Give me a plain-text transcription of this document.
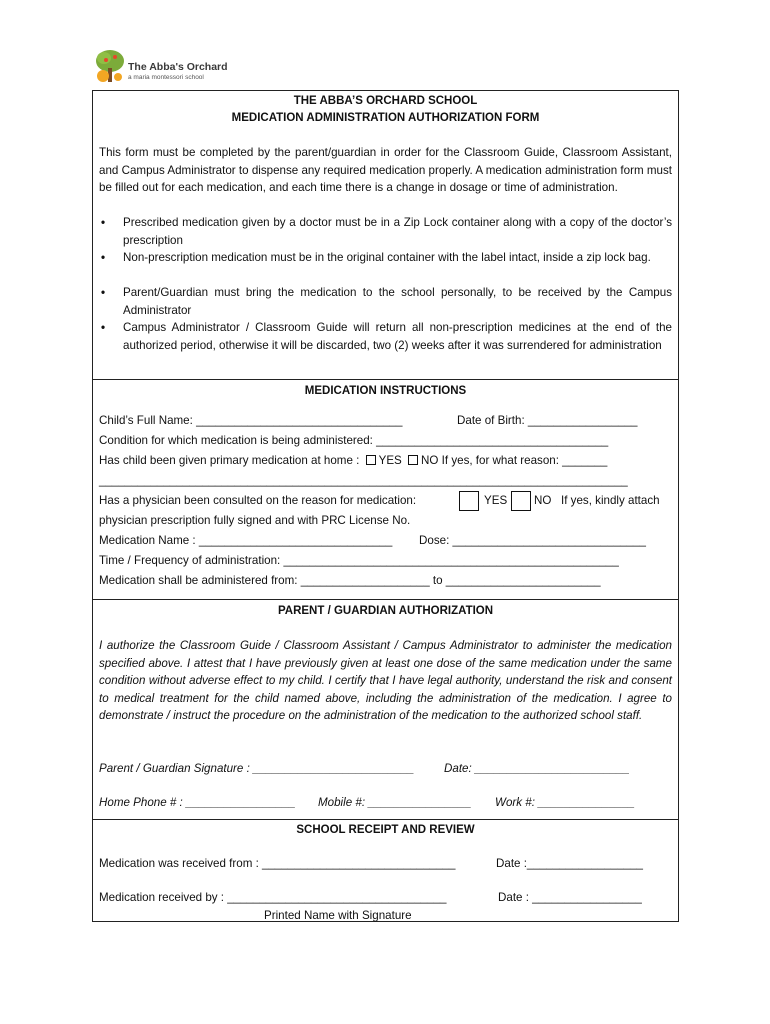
The Abba's Orchard
a maria montessori school
THE ABBA’S ORCHARD SCHOOL
MEDICATION ADMINISTRATION AUTHORIZATION FORM
This form must be completed by the parent/guardian in order for the Classroom Guide, Classroom Assistant, and Campus Administrator to dispense any required medication properly. A medication administration form must be filled out for each medication, and each time there is a change in dosage or time of administration.
• Prescribed medication given by a doctor must be in a Zip Lock container along with a copy of the doctor’s prescription
• Non-prescription medication must be in the original container with the label intact, inside a zip lock bag.
• Parent/Guardian must bring the medication to the school personally, to be received by the Campus Administrator
• Campus Administrator / Classroom Guide will return all non-prescription medicines at the end of the authorized period, otherwise it will be discarded, two (2) weeks after it was surrendered for administration
MEDICATION INSTRUCTIONS
Child’s Full Name: ________________________________	Date of Birth: _________________
Condition for which medication is being administered: ____________________________________
Has child been given primary medication at home : YES NO If yes, for what reason: _______
__________________________________________________________________________________
Has a physician been consulted on the reason for medication:	YES NO If yes, kindly attach
physician prescription fully signed and with PRC License No.
Medication Name : ______________________________ Dose: ______________________________
Time / Frequency of administration: ____________________________________________________
Medication shall be administered from: ____________________ to ________________________
PARENT / GUARDIAN AUTHORIZATION
I authorize the Classroom Guide / Classroom Assistant / Campus Administrator to administer the medication specified above. I attest that I have previously given at least one dose of the same medication under the same condition without adverse effect to my child. I certify that I have legal authority, understand the risk and consent to medical treatment for the child named above, including the administration of the medication. I agree to demonstrate / instruct the procedure on the administration of the medication to the authorized school staff.
Parent / Guardian Signature : _________________________	Date: ________________________
Home Phone # : _________________ Mobile #: ________________ Work #: _______________
SCHOOL RECEIPT AND REVIEW
Medication was received from : ______________________________	Date :__________________
Medication received by : __________________________________	Date : _________________
Printed Name with Signature
